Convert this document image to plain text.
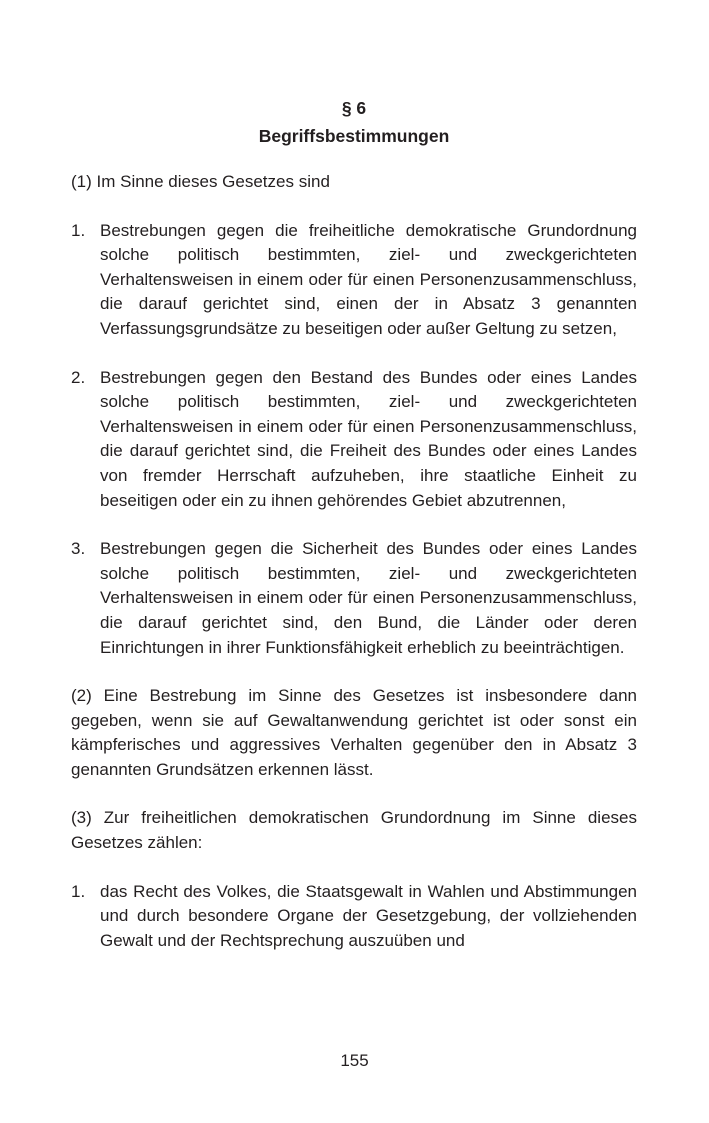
§ 6
Begriffsbestimmungen
(1) Im Sinne dieses Gesetzes sind
1. Bestrebungen gegen die freiheitliche demokratische Grundordnung solche politisch bestimmten, ziel- und zweckgerichteten Verhaltensweisen in einem oder für einen Personenzusammenschluss, die darauf gerichtet sind, einen der in Absatz 3 genannten Verfassungsgrundsätze zu beseitigen oder außer Geltung zu setzen,
2. Bestrebungen gegen den Bestand des Bundes oder eines Landes solche politisch bestimmten, ziel- und zweckgerichteten Verhaltensweisen in einem oder für einen Personenzusammenschluss, die darauf gerichtet sind, die Freiheit des Bundes oder eines Landes von fremder Herrschaft aufzuheben, ihre staatliche Einheit zu beseitigen oder ein zu ihnen gehörendes Gebiet abzutrennen,
3. Bestrebungen gegen die Sicherheit des Bundes oder eines Landes solche politisch bestimmten, ziel- und zweckgerichteten Verhaltensweisen in einem oder für einen Personenzusammenschluss, die darauf gerichtet sind, den Bund, die Länder oder deren Einrichtungen in ihrer Funktionsfähigkeit erheblich zu beeinträchtigen.
(2) Eine Bestrebung im Sinne des Gesetzes ist insbesondere dann gegeben, wenn sie auf Gewaltanwendung gerichtet ist oder sonst ein kämpferisches und aggressives Verhalten gegenüber den in Absatz 3 genannten Grundsätzen erkennen lässt.
(3) Zur freiheitlichen demokratischen Grundordnung im Sinne dieses Gesetzes zählen:
1. das Recht des Volkes, die Staatsgewalt in Wahlen und Abstimmungen und durch besondere Organe der Gesetzgebung, der vollziehenden Gewalt und der Rechtsprechung auszuüben und
155
